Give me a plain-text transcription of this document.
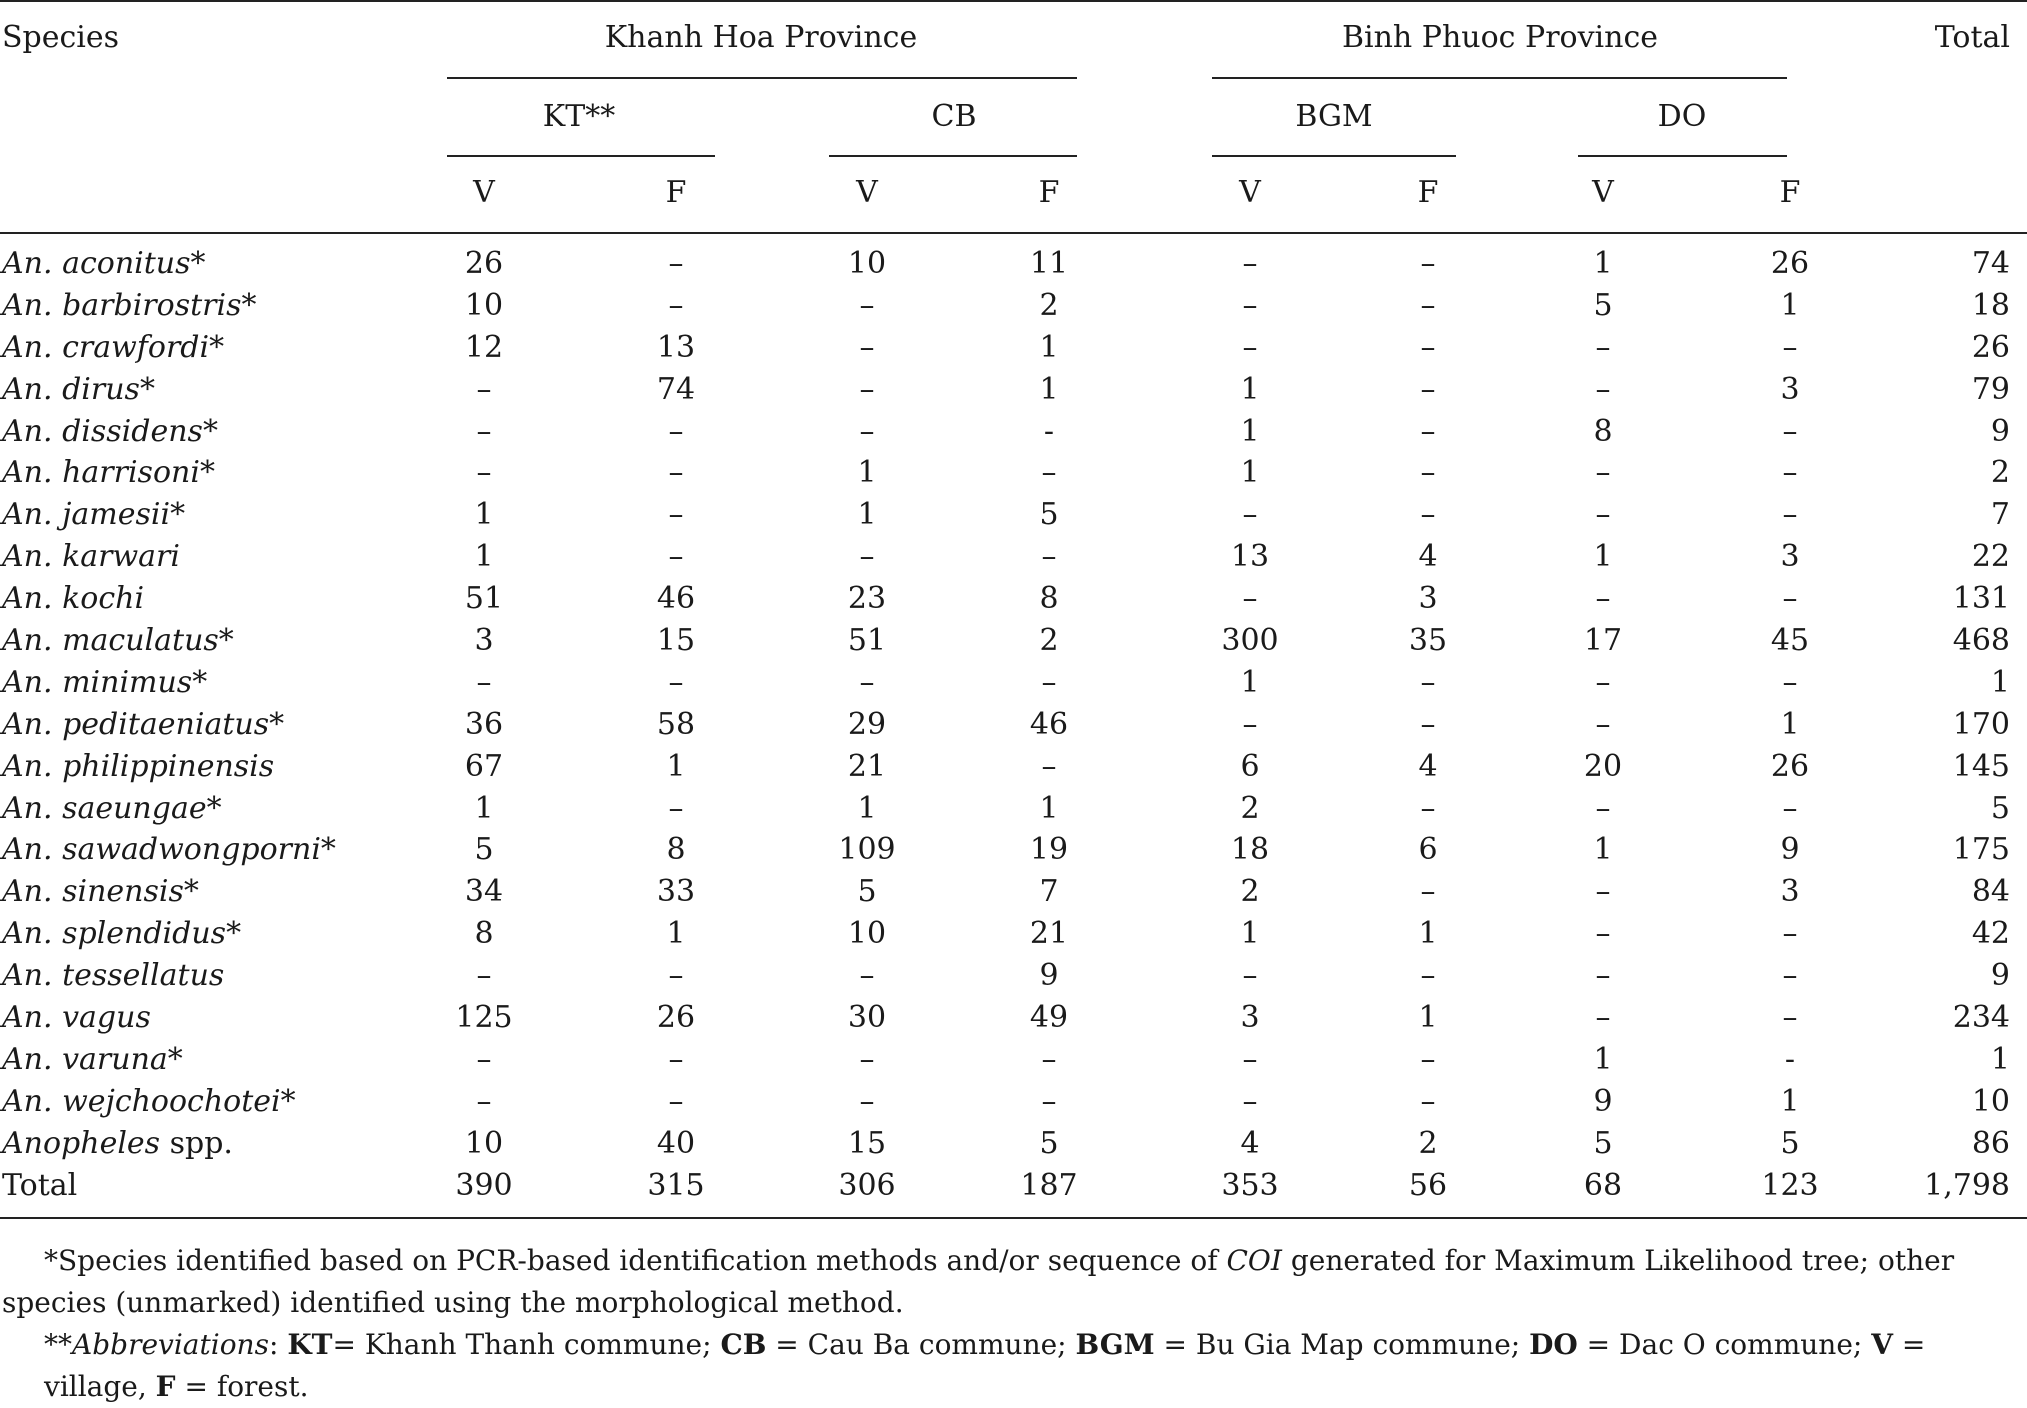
Species	Khanh Hoa Province	Binh Phuoc Province	Total
KT**	CB	BGM	DO
V	F	V	F	V	F	V	F
An. aconitus*	26	–	10	11	–	–	1	26	74
An. barbirostris*	10	–	–	2	–	–	5	1	18
An. crawfordi*	12	13	–	1	–	–	–	–	26
An. dirus*	–	74	–	1	1	–	–	3	79
An. dissidens*	–	–	–	-	1	–	8	–	9
An. harrisoni*	–	–	1	–	1	–	–	–	2
An. jamesii*	1	–	1	5	–	–	–	–	7
An. karwari	1	–	–	–	13	4	1	3	22
An. kochi	51	46	23	8	–	3	–	–	131
An. maculatus*	3	15	51	2	300	35	17	45	468
An. minimus*	–	–	–	–	1	–	–	–	1
An. peditaeniatus*	36	58	29	46	–	–	–	1	170
An. philippinensis	67	1	21	–	6	4	20	26	145
An. saeungae*	1	–	1	1	2	–	–	–	5
An. sawadwongporni*	5	8	109	19	18	6	1	9	175
An. sinensis*	34	33	5	7	2	–	–	3	84
An. splendidus*	8	1	10	21	1	1	–	–	42
An. tessellatus	–	–	–	9	–	–	–	–	9
An. vagus	125	26	30	49	3	1	–	–	234
An. varuna*	–	–	–	–	–	–	1	-	1
An. wejchoochotei*	–	–	–	–	–	–	9	1	10
Anopheles spp.	10	40	15	5	4	2	5	5	86
Total	390	315	306	187	353	56	68	123	1,798
*Species identified based on PCR-based identification methods and/or sequence of COI generated for Maximum Likelihood tree; other species (unmarked) identified using the morphological method.
**Abbreviations: KT= Khanh Thanh commune; CB = Cau Ba commune; BGM = Bu Gia Map commune; DO = Dac O commune; V = village, F = forest.
